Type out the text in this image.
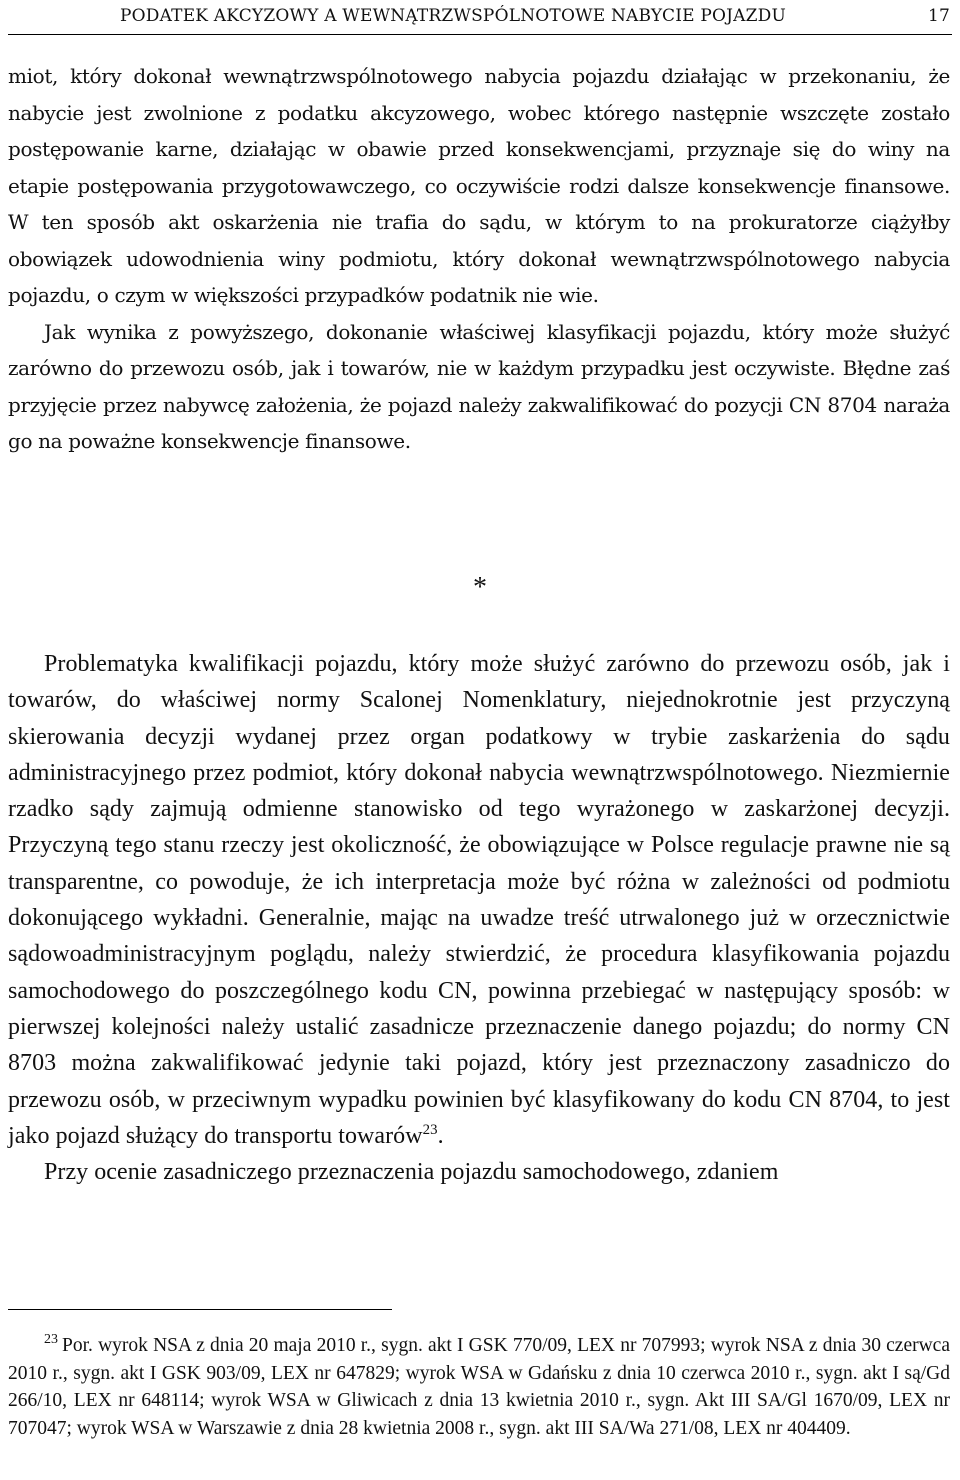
PODATEK AKCYZOWY A WEWNĄTRZWSPÓLNOTOWE NABYCIE POJAZDU	17

miot, który dokonał wewnątrzwspólnotowego nabycia pojazdu działając w przekonaniu, że nabycie jest zwolnione z podatku akcyzowego, wobec którego następnie wszczęte zostało postępowanie karne, działając w obawie przed konsekwencjami, przyznaje się do winy na etapie postępowania przygotowawczego, co oczywiście rodzi dalsze konsekwencje finansowe. W ten sposób akt oskarżenia nie trafia do sądu, w którym to na prokuratorze ciążyłby obowiązek udowodnienia winy podmiotu, który dokonał wewnątrzwspólnotowego nabycia pojazdu, o czym w większości przypadków podatnik nie wie.

Jak wynika z powyższego, dokonanie właściwej klasyfikacji pojazdu, który może służyć zarówno do przewozu osób, jak i towarów, nie w każdym przypadku jest oczywiste. Błędne zaś przyjęcie przez nabywcę założenia, że pojazd należy zakwalifikować do pozycji CN 8704 naraża go na poważne konsekwencje finansowe.

*

Problematyka kwalifikacji pojazdu, który może służyć zarówno do przewozu osób, jak i towarów, do właściwej normy Scalonej Nomenklatury, niejednokrotnie jest przyczyną skierowania decyzji wydanej przez organ podatkowy w trybie zaskarżenia do sądu administracyjnego przez podmiot, który dokonał nabycia wewnątrzwspólnotowego. Niezmiernie rzadko sądy zajmują odmienne stanowisko od tego wyrażonego w zaskarżonej decyzji. Przyczyną tego stanu rzeczy jest okoliczność, że obowiązujące w Polsce regulacje prawne nie są transparentne, co powoduje, że ich interpretacja może być różna w zależności od podmiotu dokonującego wykładni. Generalnie, mając na uwadze treść utrwalonego już w orzecznictwie sądowoadministracyjnym poglądu, należy stwierdzić, że procedura klasyfikowania pojazdu samochodowego do poszczególnego kodu CN, powinna przebiegać w następujący sposób: w pierwszej kolejności należy ustalić zasadnicze przeznaczenie danego pojazdu; do normy CN 8703 można zakwalifikować jedynie taki pojazd, który jest przeznaczony zasadniczo do przewozu osób, w przeciwnym wypadku powinien być klasyfikowany do kodu CN 8704, to jest jako pojazd służący do transportu towarów$^{23}$.

Przy ocenie zasadniczego przeznaczenia pojazdu samochodowego, zdaniem

$^{23}$ Por. wyrok NSA z dnia 20 maja 2010 r., sygn. akt I GSK 770/09, LEX nr 707993; wyrok NSA z dnia 30 czerwca 2010 r., sygn. akt I GSK 903/09, LEX nr 647829; wyrok WSA w Gdańsku z dnia 10 czerwca 2010 r., sygn. akt I są/Gd 266/10, LEX nr 648114; wyrok WSA w Gliwicach z dnia 13 kwietnia 2010 r., sygn. Akt III SA/Gl 1670/09, LEX nr 707047; wyrok WSA w Warszawie z dnia 28 kwietnia 2008 r., sygn. akt III SA/Wa 271/08, LEX nr 404409.
